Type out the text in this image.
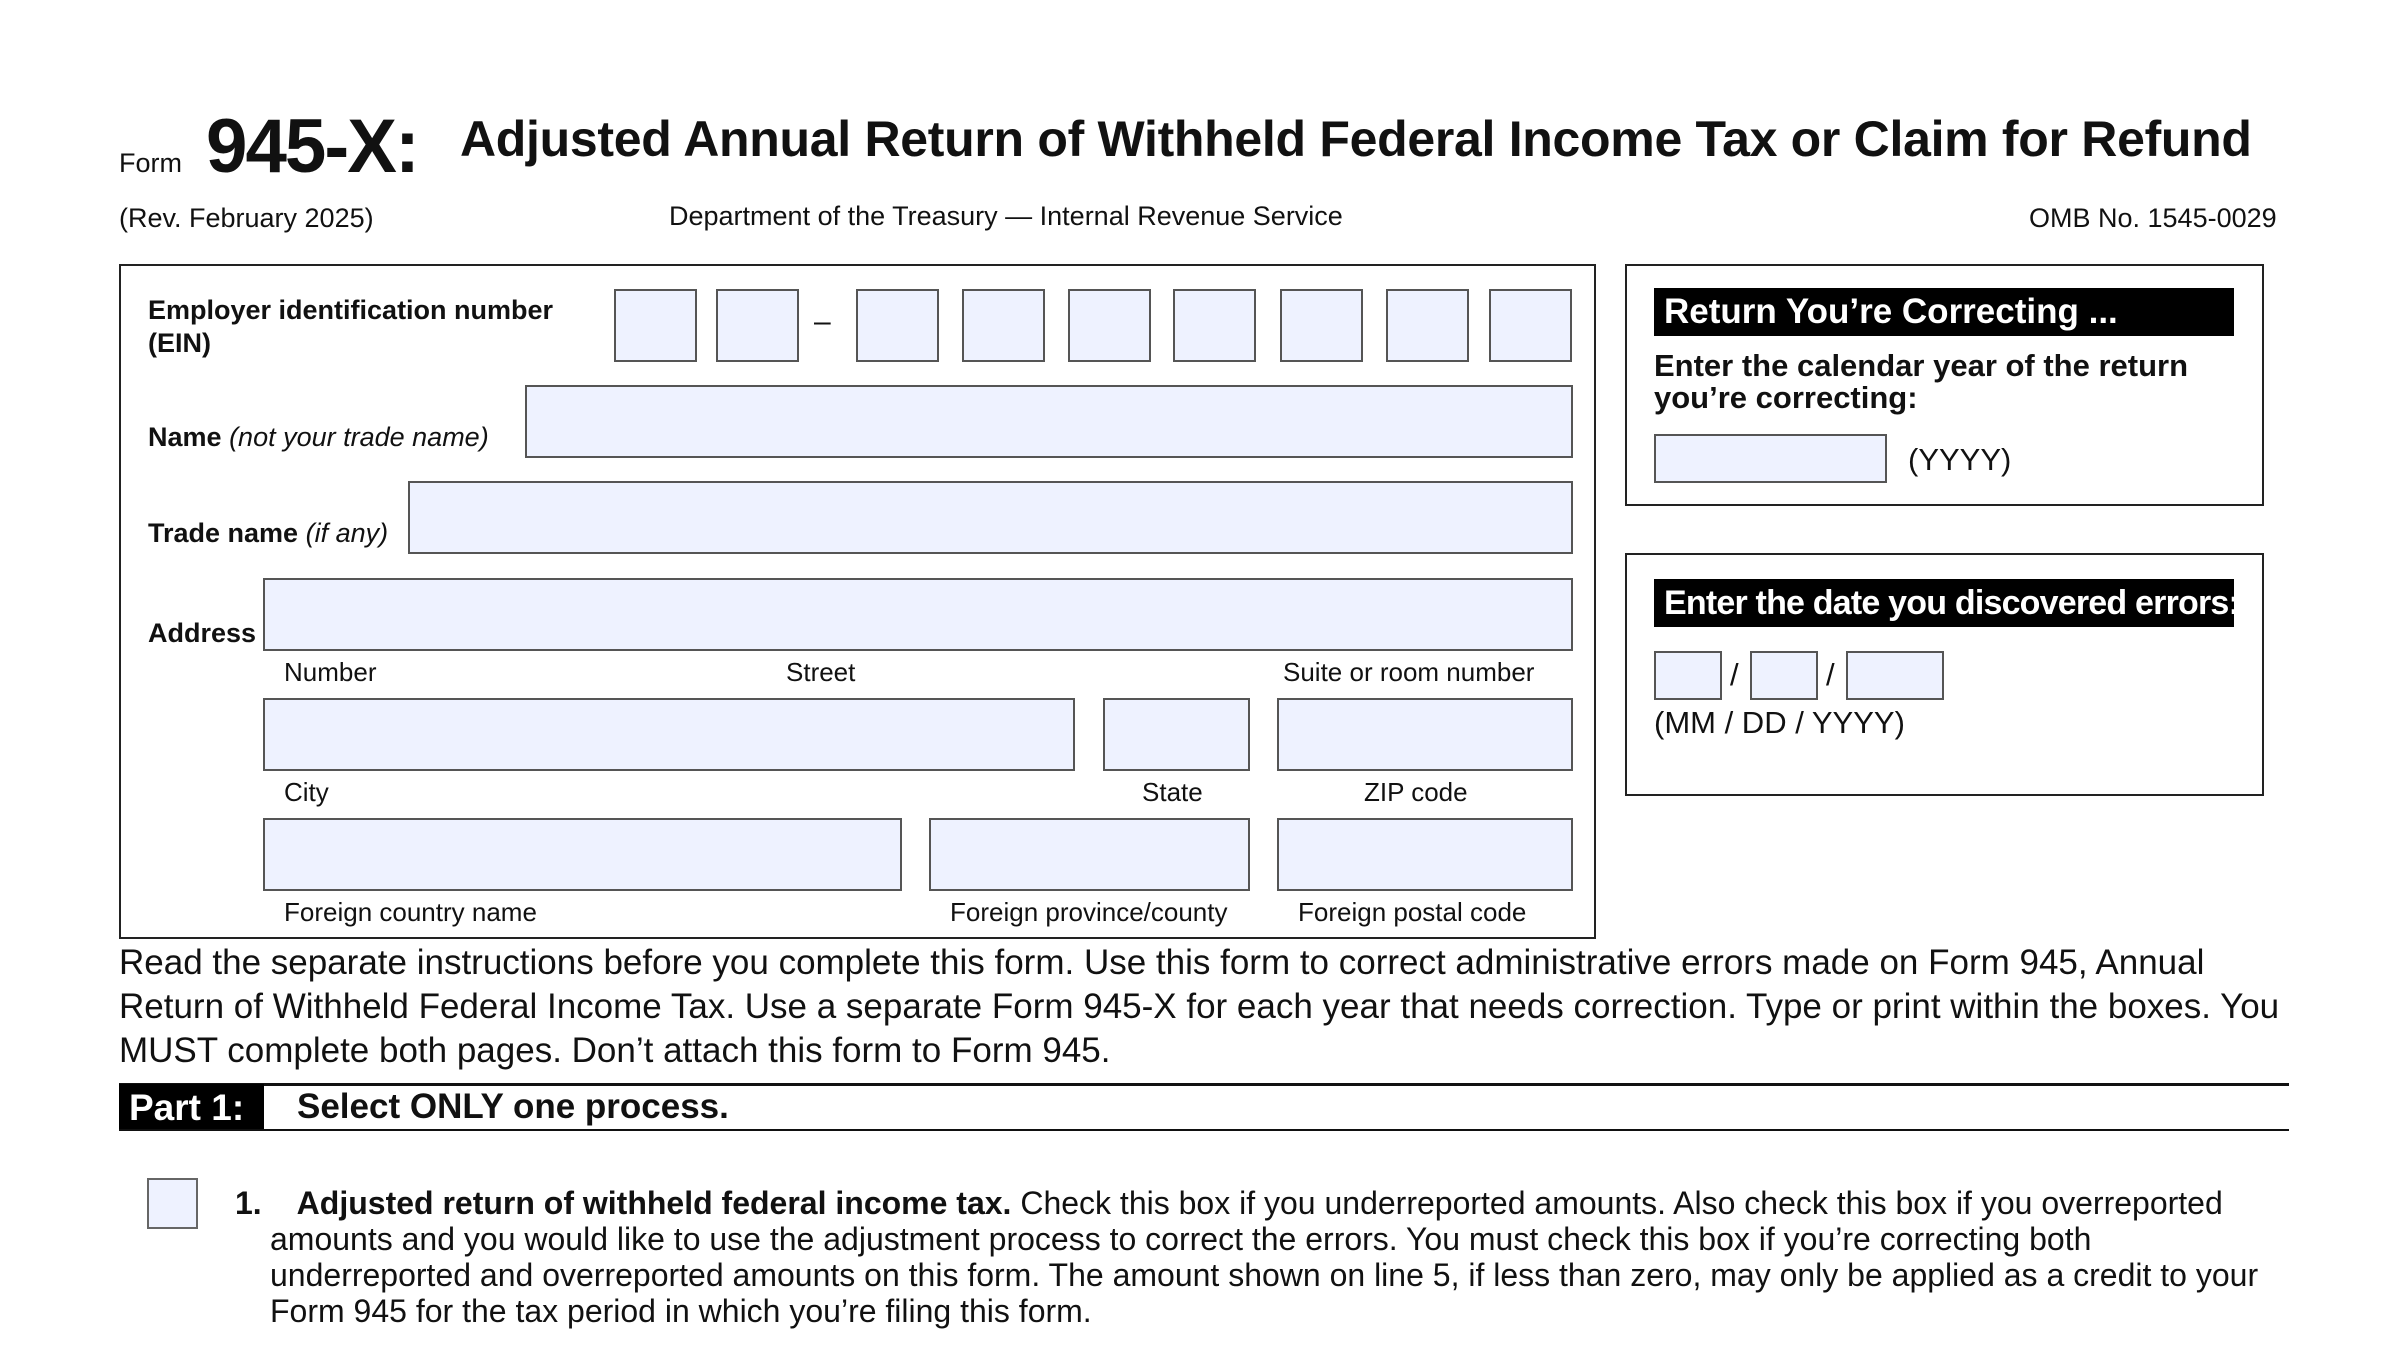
Form 945-X: Adjusted Annual Return of Withheld Federal Income Tax or Claim for Refund
(Rev. February 2025)	Department of the Treasury — Internal Revenue Service	OMB No. 1545-0029
Employer identification number
(EIN)
–
Name (not your trade name)
Trade name (if any)
Address
Number	Street	Suite or room number
City	State	ZIP code
Foreign country name	Foreign province/county	Foreign postal code
Return You’re Correcting ...
Enter the calendar year of the return
you’re correcting:
(YYYY)
Enter the date you discovered errors:
/	/
(MM / DD / YYYY)
Read the separate instructions before you complete this form. Use this form to correct administrative errors made on Form 945, Annual Return of Withheld Federal Income Tax. Use a separate Form 945-X for each year that needs correction. Type or print within the boxes. You MUST complete both pages. Don’t attach this form to Form 945.
Part 1:	Select ONLY one process.
1.	Adjusted return of withheld federal income tax. Check this box if you underreported amounts. Also check this box if you overreported amounts and you would like to use the adjustment process to correct the errors. You must check this box if you’re correcting both underreported and overreported amounts on this form. The amount shown on line 5, if less than zero, may only be applied as a credit to your Form 945 for the tax period in which you’re filing this form.
